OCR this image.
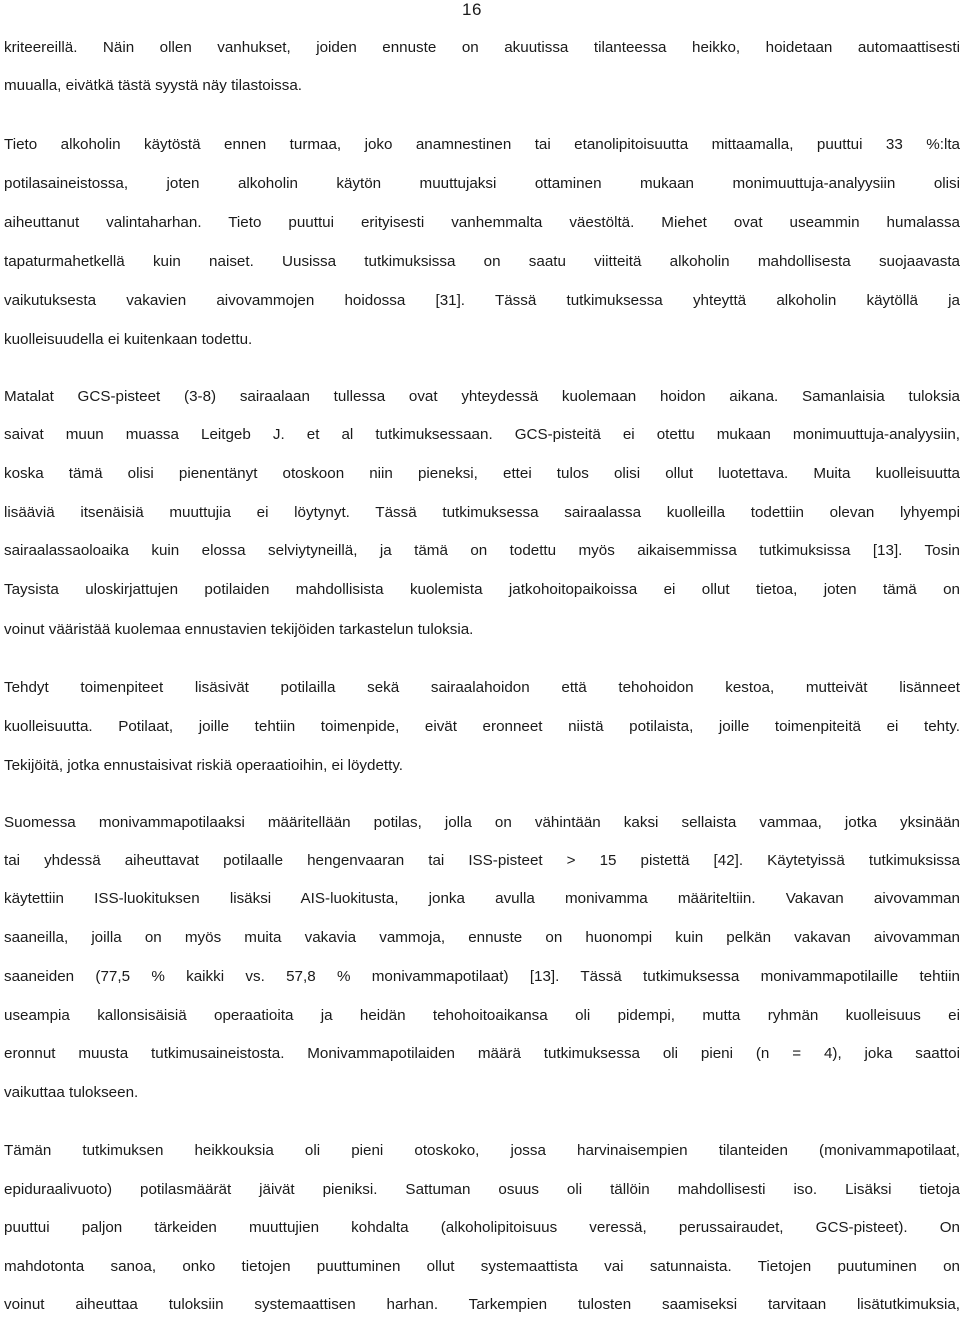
16
kriteereillä. Näin ollen vanhukset, joiden ennuste on akuutissa tilanteessa heikko, hoidetaan automaattisesti
muualla, eivätkä tästä syystä näy tilastoissa.
Tieto alkoholin käytöstä ennen turmaa, joko anamnestinen tai etanolipitoisuutta mittaamalla, puuttui 33 %:lta
potilasaineistossa, joten alkoholin käytön muuttujaksi ottaminen mukaan monimuuttuja-analyysiin olisi
aiheuttanut valintaharhan. Tieto puuttui erityisesti vanhemmalta väestöltä. Miehet ovat useammin humalassa
tapaturmahetkellä kuin naiset. Uusissa tutkimuksissa on saatu viitteitä alkoholin mahdollisesta suojaavasta
vaikutuksesta vakavien aivovammojen hoidossa [31]. Tässä tutkimuksessa yhteyttä alkoholin käytöllä ja
kuolleisuudella ei kuitenkaan todettu.
Matalat GCS-pisteet (3-8) sairaalaan tullessa ovat yhteydessä kuolemaan hoidon aikana. Samanlaisia tuloksia
saivat muun muassa Leitgeb J. et al tutkimuksessaan. GCS-pisteitä ei otettu mukaan monimuuttuja-analyysiin,
koska tämä olisi pienentänyt otoskoon niin pieneksi, ettei tulos olisi ollut luotettava. Muita kuolleisuutta
lisääviä itsenäisiä muuttujia ei löytynyt. Tässä tutkimuksessa sairaalassa kuolleilla todettiin olevan lyhyempi
sairaalassaoloaika kuin elossa selviytyneillä, ja tämä on todettu myös aikaisemmissa tutkimuksissa [13]. Tosin
Taysista uloskirjattujen potilaiden mahdollisista kuolemista jatkohoitopaikoissa ei ollut tietoa, joten tämä on
voinut vääristää kuolemaa ennustavien tekijöiden tarkastelun tuloksia.
Tehdyt toimenpiteet lisäsivät potilailla sekä sairaalahoidon että tehohoidon kestoa, mutteivät lisänneet
kuolleisuutta. Potilaat, joille tehtiin toimenpide, eivät eronneet niistä potilaista, joille toimenpiteitä ei tehty.
Tekijöitä, jotka ennustaisivat riskiä operaatioihin, ei löydetty.
Suomessa monivammapotilaaksi määritellään potilas, jolla on vähintään kaksi sellaista vammaa, jotka yksinään
tai yhdessä aiheuttavat potilaalle hengenvaaran tai ISS-pisteet > 15 pistettä [42]. Käytetyissä tutkimuksissa
käytettiin ISS-luokituksen lisäksi AIS-luokitusta, jonka avulla monivamma määriteltiin. Vakavan aivovamman
saaneilla, joilla on myös muita vakavia vammoja, ennuste on huonompi kuin pelkän vakavan aivovamman
saaneiden (77,5 % kaikki vs. 57,8 % monivammapotilaat) [13]. Tässä tutkimuksessa monivammapotilaille tehtiin
useampia kallonsisäisiä operaatioita ja heidän tehohoitoaikansa oli pidempi, mutta ryhmän kuolleisuus ei
eronnut muusta tutkimusaineistosta. Monivammapotilaiden määrä tutkimuksessa oli pieni (n = 4), joka saattoi
vaikuttaa tulokseen.
Tämän tutkimuksen heikkouksia oli pieni otoskoko, jossa harvinaisempien tilanteiden (monivammapotilaat,
epiduraalivuoto) potilasmäärät jäivät pieniksi. Sattuman osuus oli tällöin mahdollisesti iso. Lisäksi tietoja
puuttui paljon tärkeiden muuttujien kohdalta (alkoholipitoisuus veressä, perussairaudet, GCS-pisteet). On
mahdotonta sanoa, onko tietojen puuttuminen ollut systemaattista vai satunnaista. Tietojen puutuminen on
voinut aiheuttaa tuloksiin systemaattisen harhan. Tarkempien tulosten saamiseksi tarvitaan lisätutkimuksia,
